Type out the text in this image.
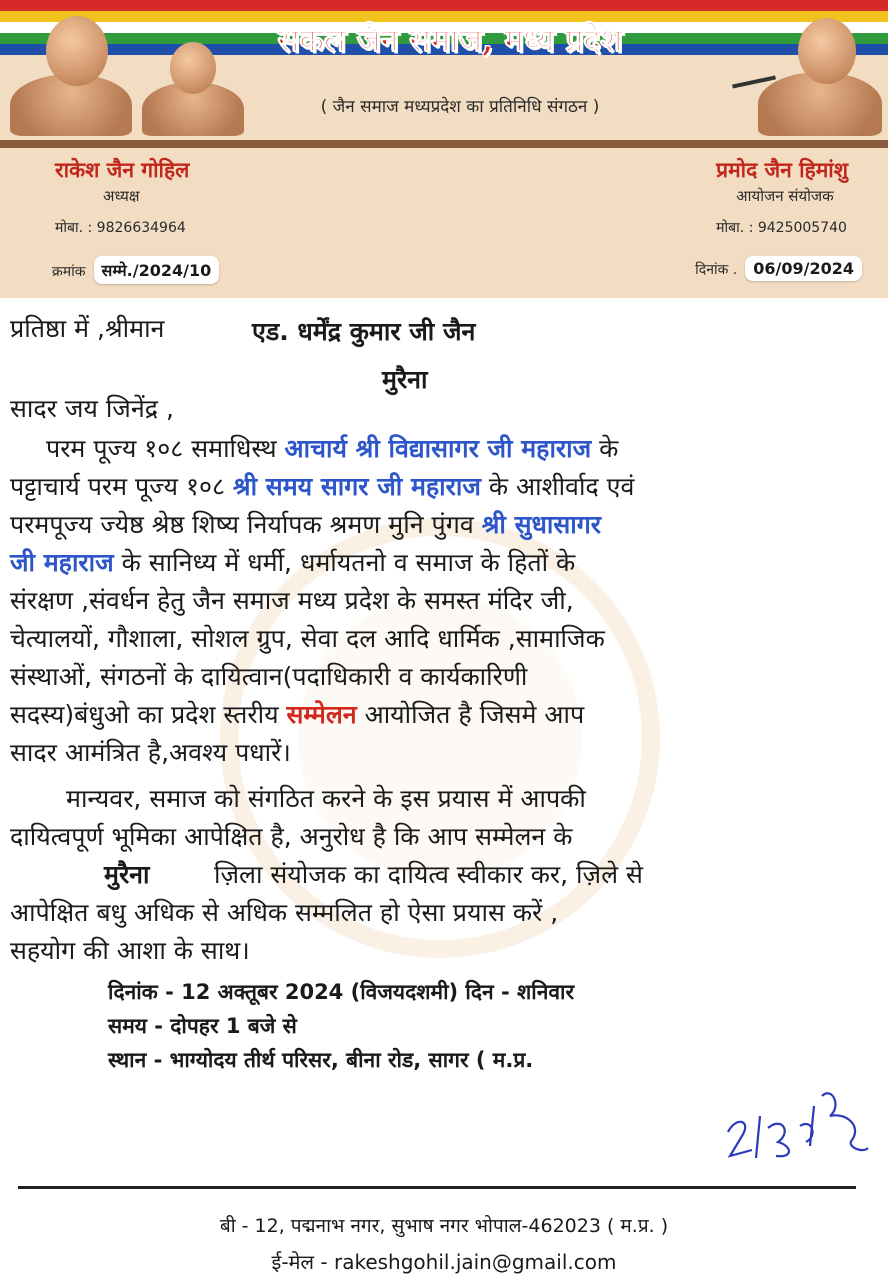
सकल जैन समाज, मध्य प्रदेश
( जैन समाज मध्यप्रदेश का प्रतिनिधि संगठन )
राकेश जैन गोहिल
अध्यक्ष
मोबा. : 9826634964
प्रमोद जैन हिमांशु
आयोजन संयोजक
मोबा. : 9425005740
क्रमांक सम्मे./2024/10	दिनांक . 06/09/2024
प्रतिष्ठा में ,श्रीमान	एड. धर्मेंद्र कुमार जी जैन
मुरैना
सादर जय जिनेंद्र ,
परम पूज्य १०८ समाधिस्थ आचार्य श्री विद्यासागर जी महाराज के
पट्टाचार्य परम पूज्य १०८ श्री समय सागर जी महाराज के आशीर्वाद एवं
परमपूज्य ज्येष्ठ श्रेष्ठ शिष्य निर्यापक श्रमण मुनि पुंगव श्री सुधासागर
जी महाराज के सानिध्य में धर्मी, धर्मायतनो व समाज के हितों के
संरक्षण ,संवर्धन हेतु जैन समाज मध्य प्रदेश के समस्त मंदिर जी,
चेत्यालयों, गौशाला, सोशल ग्रुप, सेवा दल आदि धार्मिक ,सामाजिक
संस्थाओं, संगठनों के दायित्वान(पदाधिकारी व कार्यकारिणी
सदस्य)बंधुओ का प्रदेश स्तरीय सम्मेलन आयोजित है जिसमे आप
सादर आमंत्रित है,अवश्य पधारें।
मान्यवर, समाज को संगठित करने के इस प्रयास में आपकी
दायित्वपूर्ण भूमिका आपेक्षित है, अनुरोध है कि आप सम्मेलन के
मुरैना	ज़िला संयोजक का दायित्व स्वीकार कर, ज़िले से
आपेक्षित बधु अधिक से अधिक सम्मलित हो ऐसा प्रयास करें ,
सहयोग की आशा के साथ।
दिनांक - 12 अक्तूबर 2024 (विजयदशमी) दिन - शनिवार
समय - दोपहर 1 बजे से
स्थान - भाग्योदय तीर्थ परिसर, बीना रोड, सागर ( म.प्र.
बी - 12, पद्मनाभ नगर, सुभाष नगर भोपाल-462023 ( म.प्र. )
ई-मेल - rakeshgohil.jain@gmail.com
